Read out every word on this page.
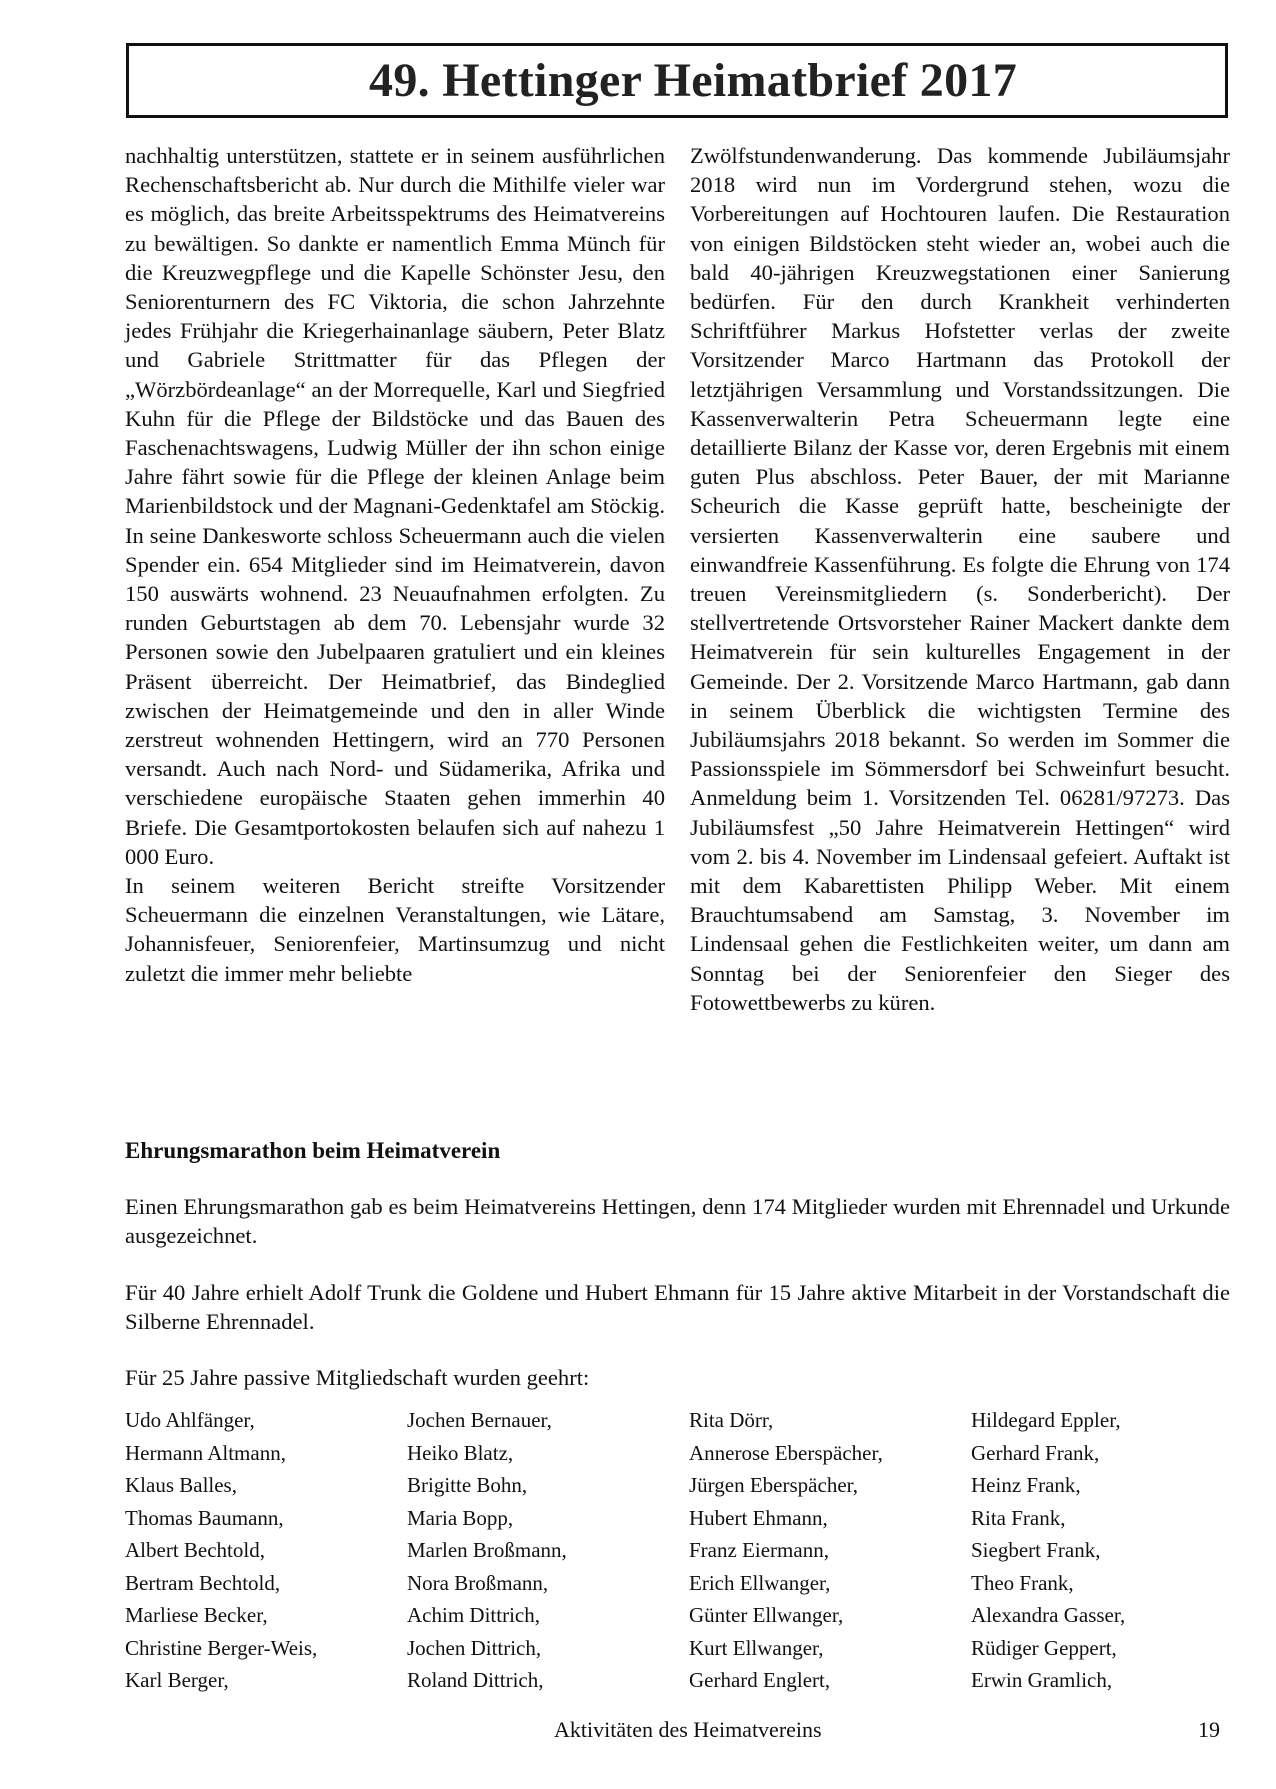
49. Hettinger Heimatbrief 2017

nachhaltig unterstützen, stattete er in seinem ausführlichen Rechenschaftsbericht ab. Nur durch die Mithilfe vieler war es möglich, das breite Arbeitsspektrums des Heimatvereins zu bewältigen. So dankte er namentlich Emma Münch für die Kreuzwegpflege und die Kapelle Schönster Jesu, den Seniorenturnern des FC Viktoria, die schon Jahrzehnte jedes Frühjahr die Kriegerhainanlage säubern, Peter Blatz und Gabriele Strittmatter für das Pflegen der „Wörzbördeanlage“ an der Morrequelle, Karl und Siegfried Kuhn für die Pflege der Bildstöcke und das Bauen des Faschenachtswagens, Ludwig Müller der ihn schon einige Jahre fährt sowie für die Pflege der kleinen Anlage beim Marienbildstock und der Magnani-Gedenktafel am Stöckig. In seine Dankesworte schloss Scheuermann auch die vielen Spender ein. 654 Mitglieder sind im Heimatverein, davon 150 auswärts wohnend. 23 Neuaufnahmen erfolgten. Zu runden Geburtstagen ab dem 70. Lebensjahr wurde 32 Personen sowie den Jubelpaaren gratuliert und ein kleines Präsent überreicht. Der Heimatbrief, das Bindeglied zwischen der Heimatgemeinde und den in aller Winde zerstreut wohnenden Hettingern, wird an 770 Personen versandt. Auch nach Nord- und Südamerika, Afrika und verschiedene europäische Staaten gehen immerhin 40 Briefe. Die Gesamtportokosten belaufen sich auf nahezu 1 000 Euro.

In seinem weiteren Bericht streifte Vorsitzender Scheuermann die einzelnen Veranstaltungen, wie Lätare, Johannisfeuer, Seniorenfeier, Martinsumzug und nicht zuletzt die immer mehr beliebte

Zwölfstundenwanderung. Das kommende Jubiläumsjahr 2018 wird nun im Vordergrund stehen, wozu die Vorbereitungen auf Hochtouren laufen. Die Restauration von einigen Bildstöcken steht wieder an, wobei auch die bald 40-jährigen Kreuzwegstationen einer Sanierung bedürfen. Für den durch Krankheit verhinderten Schriftführer Markus Hofstetter verlas der zweite Vorsitzender Marco Hartmann das Protokoll der letztjährigen Versammlung und Vorstandssitzungen. Die Kassenverwalterin Petra Scheuermann legte eine detaillierte Bilanz der Kasse vor, deren Ergebnis mit einem guten Plus abschloss. Peter Bauer, der mit Marianne Scheurich die Kasse geprüft hatte, bescheinigte der versierten Kassenverwalterin eine saubere und einwandfreie Kassenführung. Es folgte die Ehrung von 174 treuen Vereinsmitgliedern (s. Sonderbericht). Der stellvertretende Ortsvorsteher Rainer Mackert dankte dem Heimatverein für sein kulturelles Engagement in der Gemeinde. Der 2. Vorsitzende Marco Hartmann, gab dann in seinem Überblick die wichtigsten Termine des Jubiläumsjahrs 2018 bekannt. So werden im Sommer die Passionsspiele im Sömmersdorf bei Schweinfurt besucht. Anmeldung beim 1. Vorsitzenden Tel. 06281/97273. Das Jubiläumsfest „50 Jahre Heimatverein Hettingen“ wird vom 2. bis 4. November im Lindensaal gefeiert. Auftakt ist mit dem Kabarettisten Philipp Weber. Mit einem Brauchtumsabend am Samstag, 3. November im Lindensaal gehen die Festlichkeiten weiter, um dann am Sonntag bei der Seniorenfeier den Sieger des Fotowettbewerbs zu küren.

Ehrungsmarathon beim Heimatverein

Einen Ehrungsmarathon gab es beim Heimatvereins Hettingen, denn 174 Mitglieder wurden mit Ehrennadel und Urkunde ausgezeichnet.

Für 40 Jahre erhielt Adolf Trunk die Goldene und Hubert Ehmann für 15 Jahre aktive Mitarbeit in der Vorstandschaft die Silberne Ehrennadel.

Für 25 Jahre passive Mitgliedschaft wurden geehrt:

Udo Ahlfänger,
Hermann Altmann,
Klaus Balles,
Thomas Baumann,
Albert Bechtold,
Bertram Bechtold,
Marliese Becker,
Christine Berger-Weis,
Karl Berger,
Jochen Bernauer,
Heiko Blatz,
Brigitte Bohn,
Maria Bopp,
Marlen Broßmann,
Nora Broßmann,
Achim Dittrich,
Jochen Dittrich,
Roland Dittrich,
Rita Dörr,
Annerose Eberspächer,
Jürgen Eberspächer,
Hubert Ehmann,
Franz Eiermann,
Erich Ellwanger,
Günter Ellwanger,
Kurt Ellwanger,
Gerhard Englert,
Hildegard Eppler,
Gerhard Frank,
Heinz Frank,
Rita Frank,
Siegbert Frank,
Theo Frank,
Alexandra Gasser,
Rüdiger Geppert,
Erwin Gramlich,
Aktivitäten des Heimatvereins	19
